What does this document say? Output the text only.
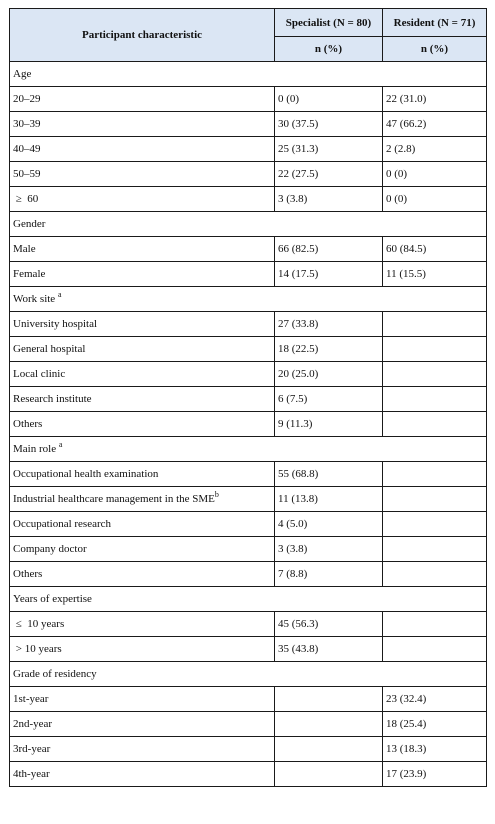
Participant characteristic	Specialist (N = 80)	Resident (N = 71)
	n (%)	n (%)
Age		
20–29	0 (0)	22 (31.0)
30–39	30 (37.5)	47 (66.2)
40–49	25 (31.3)	2 (2.8)
50–59	22 (27.5)	0 (0)
≥  60	3 (3.8)	0 (0)
Gender		
Male	66 (82.5)	60 (84.5)
Female	14 (17.5)	11 (15.5)
Work site $^a$
University hospital	27 (33.8)	
General hospital	18 (22.5)	
Local clinic	20 (25.0)	
Research institute	6 (7.5)	
Others	9 (11.3)	
Main role $^a$
Occupational health examination	55 (68.8)	
Industrial healthcare management in the SME$^b$	11 (13.8)	
Occupational research	4 (5.0)	
Company doctor	3 (3.8)	
Others	7 (8.8)	
Years of expertise		
≤  10 years	45 (56.3)	
> 10 years	35 (43.8)	
Grade of residency		
1st-year		23 (32.4)
2nd-year		18 (25.4)
3rd-year		13 (18.3)
4th-year		17 (23.9)
